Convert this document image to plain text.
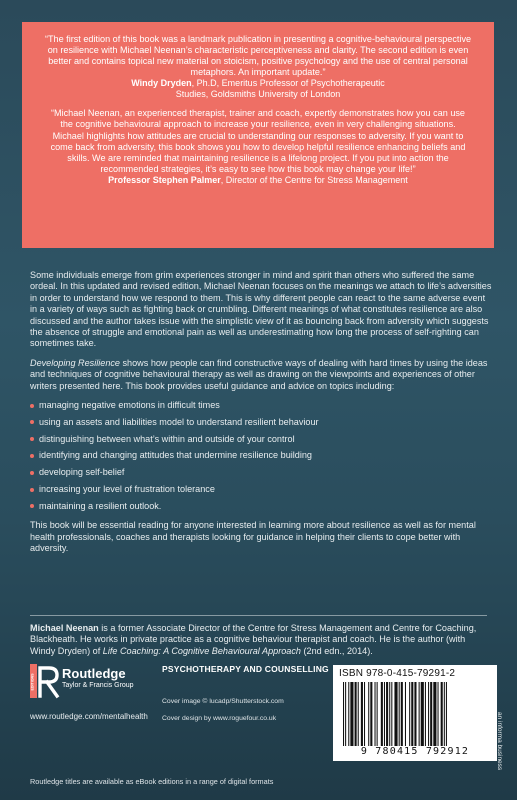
“The first edition of this book was a landmark publication in presenting a cognitive-behavioural perspective on resilience with Michael Neenan’s characteristic perceptiveness and clarity. The second edition is even better and contains topical new material on stoicism, positive psychology and the use of central personal metaphors. An important update.”

Windy Dryden, Ph.D, Emeritus Professor of Psychotherapeutic

Studies, Goldsmiths University of London

“Michael Neenan, an experienced therapist, trainer and coach, expertly demonstrates how you can use the cognitive behavioural approach to increase your resilience, even in very challenging situations. Michael highlights how attitudes are crucial to understanding our responses to adversity. If you want to come back from adversity, this book shows you how to develop helpful resilience enhancing beliefs and skills. We are reminded that maintaining resilience is a lifelong project. If you put into action the recommended strategies, it’s easy to see how this book may change your life!”

Professor Stephen Palmer, Director of the Centre for Stress Management

Some individuals emerge from grim experiences stronger in mind and spirit than others who suffered the same ordeal. In this updated and revised edition, Michael Neenan focuses on the meanings we attach to life’s adversities in order to understand how we respond to them. This is why different people can react to the same adverse event in a variety of ways such as fighting back or crumbling. Different meanings of what constitutes resilience are also discussed and the author takes issue with the simplistic view of it as bouncing back from adversity which suggests the absence of struggle and emotional pain as well as underestimating how long the process of self-righting can sometimes take.

Developing Resilience shows how people can find constructive ways of dealing with hard times by using the ideas and techniques of cognitive behavioural therapy as well as drawing on the viewpoints and experiences of other writers presented here. This book provides useful guidance and advice on topics including:

managing negative emotions in difficult times
using an assets and liabilities model to understand resilient behaviour
distinguishing between what’s within and outside of your control
identifying and changing attitudes that undermine resilience building
developing self-belief
increasing your level of frustration tolerance
maintaining a resilient outlook.

This book will be essential reading for anyone interested in learning more about resilience as well as for mental health professionals, coaches and therapists looking for guidance in helping their clients to cope better with adversity.

Michael Neenan is a former Associate Director of the Centre for Stress Management and Centre for Coaching, Blackheath. He works in private practice as a cognitive behaviour therapist and coach. He is the author (with Windy Dryden) of Life Coaching: A Cognitive Behavioural Approach (2nd edn., 2014).
EDITIONS
Routledge
Taylor & Francis Group
www.routledge.com/mentalhealth
PSYCHOTHERAPY AND COUNSELLING
Cover image © lucadp/Shutterstock.com
Cover design by www.roguefour.co.uk
ISBN 978-0-415-79291-2
9 780415 792912	an informa business
Routledge titles are available as eBook editions in a range of digital formats
